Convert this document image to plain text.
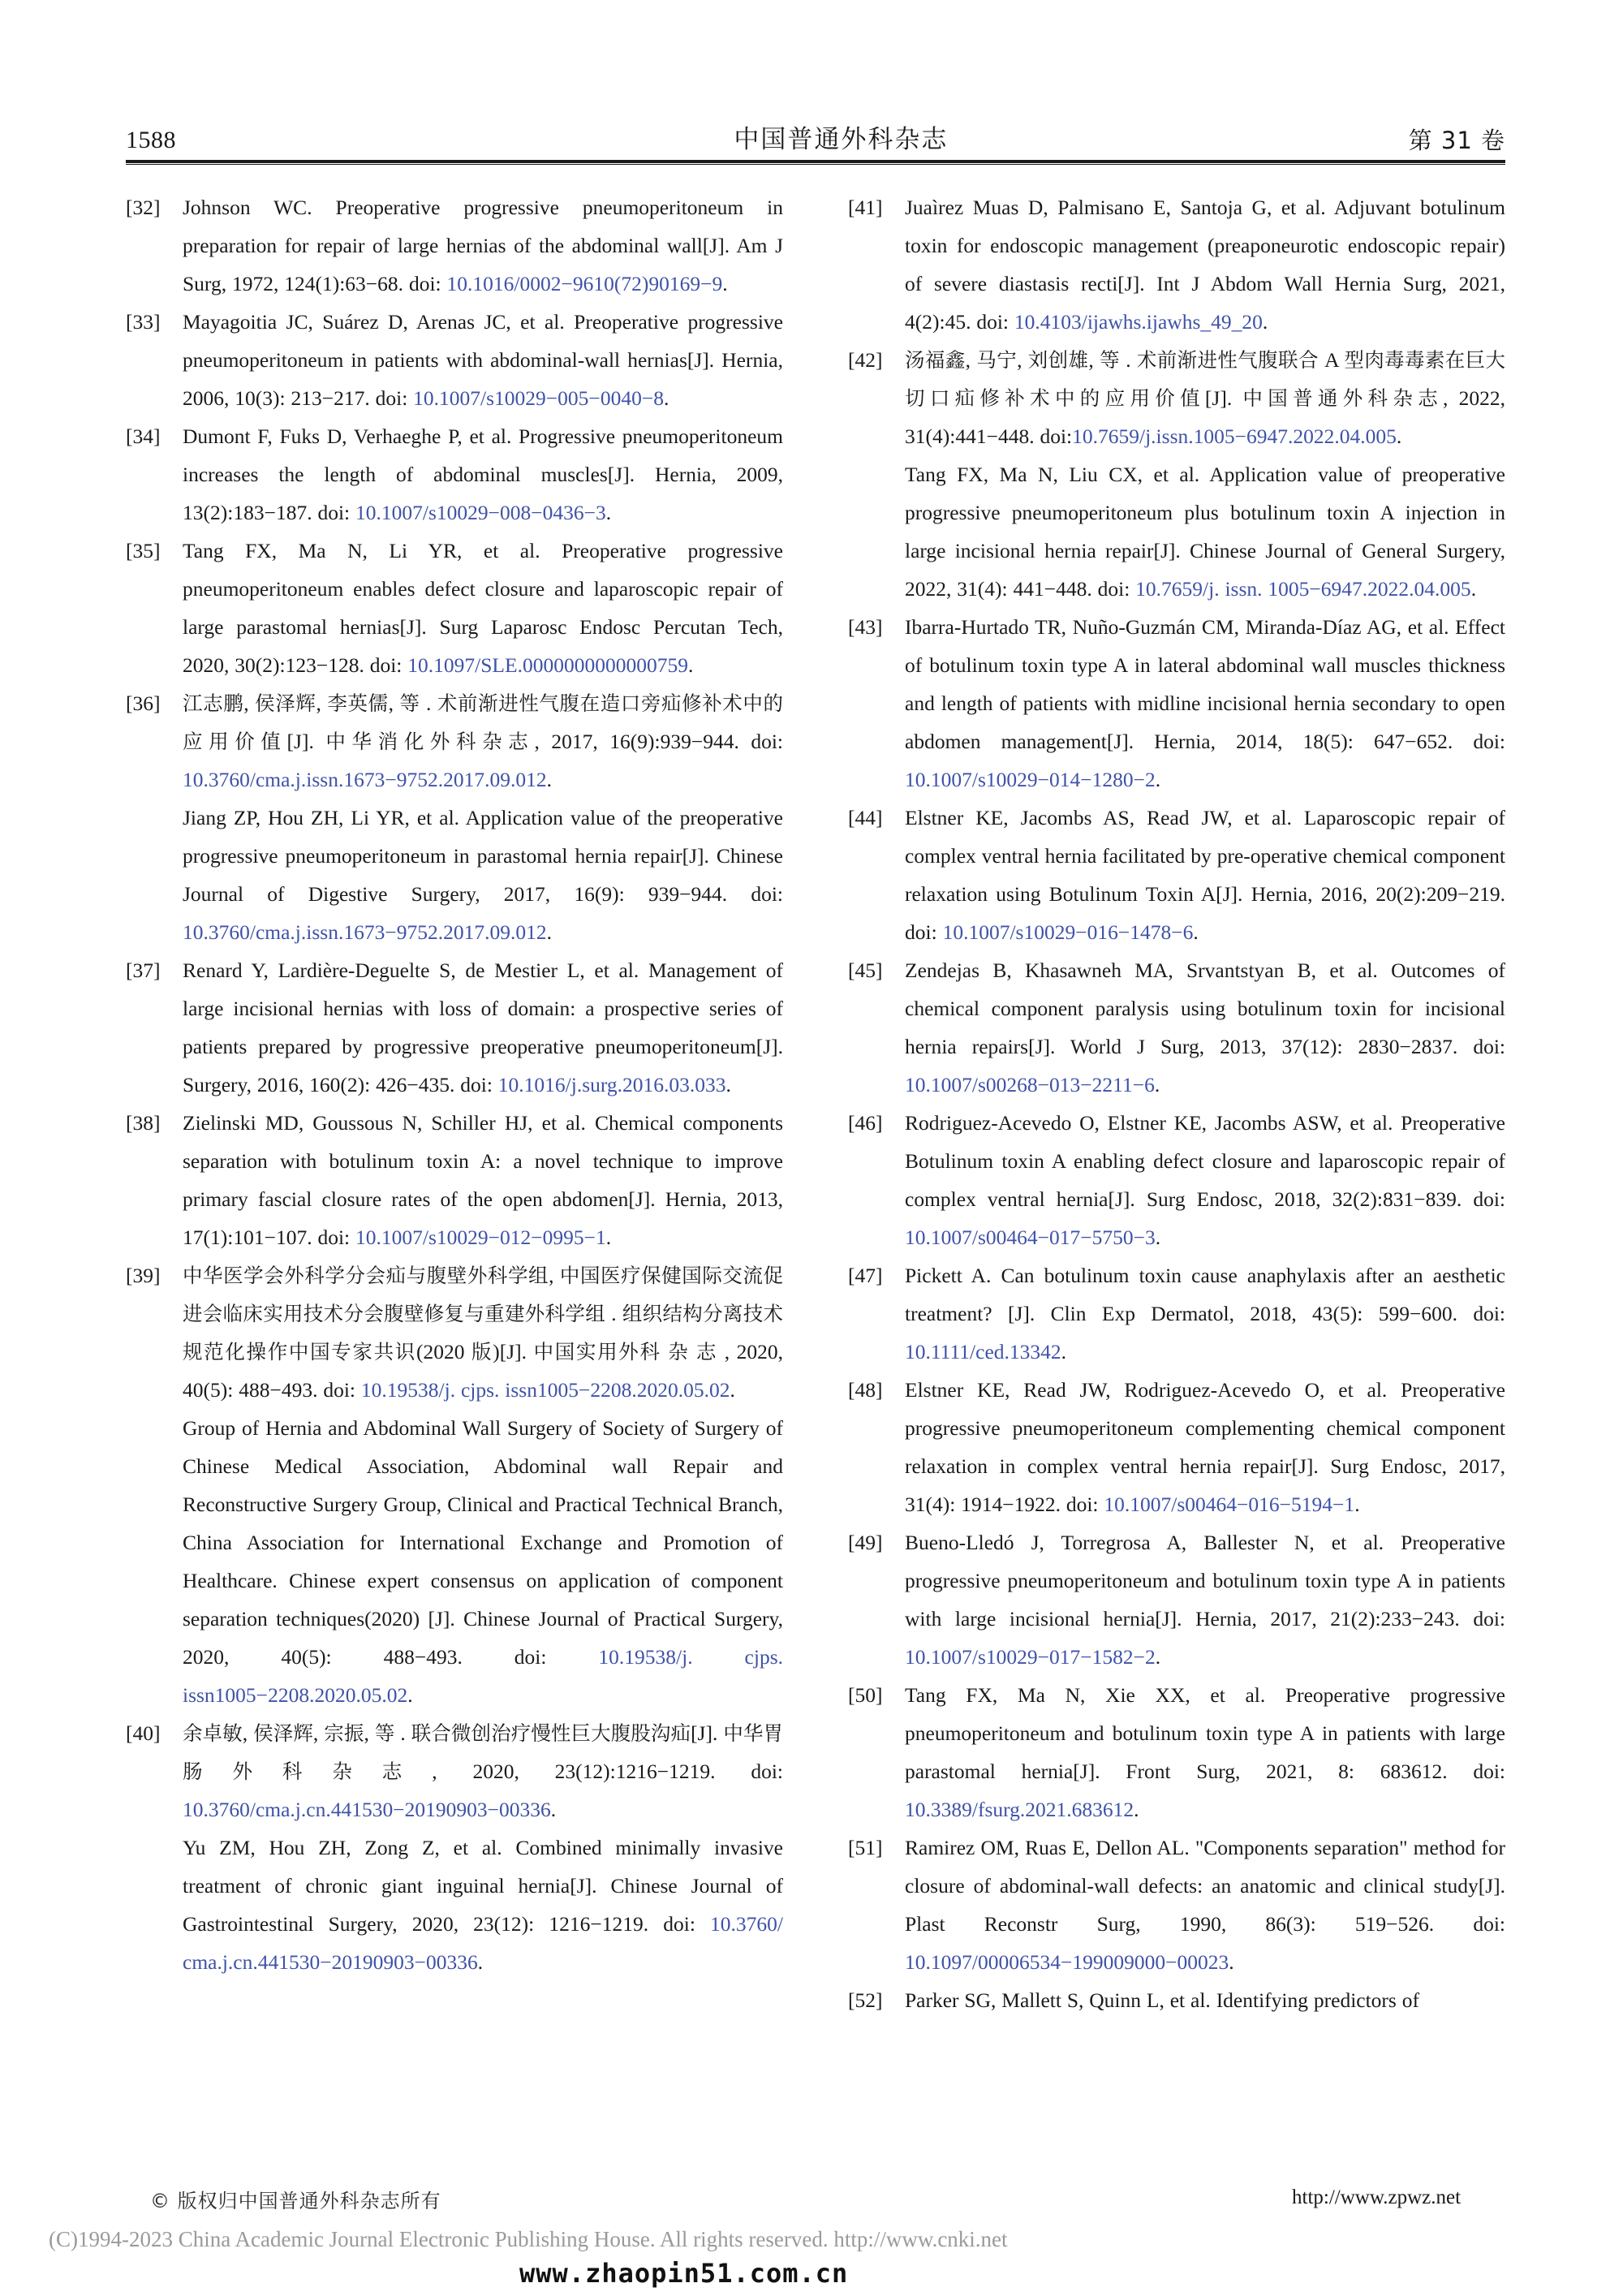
1588	中国普通外科杂志	第 31 卷
[32]	Johnson WC. Preoperative progressive pneumoperitoneum in preparation for repair of large hernias of the abdominal wall[J]. Am J Surg, 1972, 124(1):63−68. doi: 10.1016/0002−9610(72)90169−9.

[33]	Mayagoitia JC, Suárez D, Arenas JC, et al. Preoperative progressive pneumoperitoneum in patients with abdominal-wall hernias[J]. Hernia, 2006, 10(3): 213−217. doi: 10.1007/s10029−005−0040−8.

[34]	Dumont F, Fuks D, Verhaeghe P, et al. Progressive pneumoperitoneum increases the length of abdominal muscles[J]. Hernia, 2009, 13(2):183−187. doi: 10.1007/s10029−008−0436−3.

[35]	Tang FX, Ma N, Li YR, et al. Preoperative progressive pneumoperitoneum enables defect closure and laparoscopic repair of large parastomal hernias[J]. Surg Laparosc Endosc Percutan Tech, 2020, 30(2):123−128. doi: 10.1097/SLE.0000000000000759.

[36]	江志鹏, 侯泽辉, 李英儒, 等 . 术前渐进性气腹在造口旁疝修补术中的应用价值[J]. 中华消化外科杂志, 2017, 16(9):939−944. doi: 10.3760/cma.j.issn.1673−9752.2017.09.012.

Jiang ZP, Hou ZH, Li YR, et al. Application value of the preoperative progressive pneumoperitoneum in parastomal hernia repair[J]. Chinese Journal of Digestive Surgery, 2017, 16(9): 939−944. doi: 10.3760/cma.j.issn.1673−9752.2017.09.012.

[37]	Renard Y, Lardière-Deguelte S, de Mestier L, et al. Management of large incisional hernias with loss of domain: a prospective series of patients prepared by progressive preoperative pneumoperitoneum[J]. Surgery, 2016, 160(2): 426−435. doi: 10.1016/j.surg.2016.03.033.

[38]	Zielinski MD, Goussous N, Schiller HJ, et al. Chemical components separation with botulinum toxin A: a novel technique to improve primary fascial closure rates of the open abdomen[J]. Hernia, 2013, 17(1):101−107. doi: 10.1007/s10029−012−0995−1.

[39]	中华医学会外科学分会疝与腹壁外科学组, 中国医疗保健国际交流促进会临床实用技术分会腹壁修复与重建外科学组 . 组织结构分离技术规范化操作中国专家共识(2020 版)[J]. 中国实用外科 杂 志 , 2020, 40(5): 488−493. doi: 10.19538/j. cjps. issn1005−2208.2020.05.02.

Group of Hernia and Abdominal Wall Surgery of Society of Surgery of Chinese Medical Association, Abdominal wall Repair and Reconstructive Surgery Group, Clinical and Practical Technical Branch, China Association for International Exchange and Promotion of Healthcare. Chinese expert consensus on application of component separation techniques(2020) [J]. Chinese Journal of Practical Surgery, 2020, 40(5): 488−493. doi: 10.19538/j. cjps. issn1005−2208.2020.05.02.

[40]	余卓敏, 侯泽辉, 宗振, 等 . 联合微创治疗慢性巨大腹股沟疝[J]. 中华胃肠外科杂志, 2020, 23(12):1216−1219. doi: 10.3760/cma.j.cn.441530−20190903−00336.

Yu ZM, Hou ZH, Zong Z, et al. Combined minimally invasive treatment of chronic giant inguinal hernia[J]. Chinese Journal of Gastrointestinal Surgery, 2020, 23(12): 1216−1219. doi: 10.3760/ cma.j.cn.441530−20190903−00336.

[41]	Juaìrez Muas D, Palmisano E, Santoja G, et al. Adjuvant botulinum toxin for endoscopic management (preaponeurotic endoscopic repair) of severe diastasis recti[J]. Int J Abdom Wall Hernia Surg, 2021, 4(2):45. doi: 10.4103/ijawhs.ijawhs_49_20.

[42]	汤福鑫, 马宁, 刘创雄, 等 . 术前渐进性气腹联合 A 型肉毒毒素在巨大切口疝修补术中的应用价值[J]. 中国普通外科杂志, 2022, 31(4):441−448. doi:10.7659/j.issn.1005−6947.2022.04.005.

Tang FX, Ma N, Liu CX, et al. Application value of preoperative progressive pneumoperitoneum plus botulinum toxin A injection in large incisional hernia repair[J]. Chinese Journal of General Surgery, 2022, 31(4): 441−448. doi: 10.7659/j. issn. 1005−6947.2022.04.005.

[43]	Ibarra-Hurtado TR, Nuño-Guzmán CM, Miranda-Díaz AG, et al. Effect of botulinum toxin type A in lateral abdominal wall muscles thickness and length of patients with midline incisional hernia secondary to open abdomen management[J]. Hernia, 2014, 18(5): 647−652. doi: 10.1007/s10029−014−1280−2.

[44]	Elstner KE, Jacombs AS, Read JW, et al. Laparoscopic repair of complex ventral hernia facilitated by pre-operative chemical component relaxation using Botulinum Toxin A[J]. Hernia, 2016, 20(2):209−219. doi: 10.1007/s10029−016−1478−6.

[45]	Zendejas B, Khasawneh MA, Srvantstyan B, et al. Outcomes of chemical component paralysis using botulinum toxin for incisional hernia repairs[J]. World J Surg, 2013, 37(12): 2830−2837. doi: 10.1007/s00268−013−2211−6.

[46]	Rodriguez-Acevedo O, Elstner KE, Jacombs ASW, et al. Preoperative Botulinum toxin A enabling defect closure and laparoscopic repair of complex ventral hernia[J]. Surg Endosc, 2018, 32(2):831−839. doi: 10.1007/s00464−017−5750−3.

[47]	Pickett A. Can botulinum toxin cause anaphylaxis after an aesthetic treatment? [J]. Clin Exp Dermatol, 2018, 43(5): 599−600. doi: 10.1111/ced.13342.

[48]	Elstner KE, Read JW, Rodriguez-Acevedo O, et al. Preoperative progressive pneumoperitoneum complementing chemical component relaxation in complex ventral hernia repair[J]. Surg Endosc, 2017, 31(4): 1914−1922. doi: 10.1007/s00464−016−5194−1.

[49]	Bueno-Lledó J, Torregrosa A, Ballester N, et al. Preoperative progressive pneumoperitoneum and botulinum toxin type A in patients with large incisional hernia[J]. Hernia, 2017, 21(2):233−243. doi: 10.1007/s10029−017−1582−2.

[50]	Tang FX, Ma N, Xie XX, et al. Preoperative progressive pneumoperitoneum and botulinum toxin type A in patients with large parastomal hernia[J]. Front Surg, 2021, 8: 683612. doi: 10.3389/fsurg.2021.683612.

[51]	Ramirez OM, Ruas E, Dellon AL. "Components separation" method for closure of abdominal-wall defects: an anatomic and clinical study[J]. Plast Reconstr Surg, 1990, 86(3): 519−526. doi: 10.1097/00006534−199009000−00023.

[52]	Parker SG, Mallett S, Quinn L, et al. Identifying predictors of

© 版权归中国普通外科杂志所有	http://www.zpwz.net
(C)1994-2023 China Academic Journal Electronic Publishing House. All rights reserved. http://www.cnki.net
www.zhaopin51.com.cn
